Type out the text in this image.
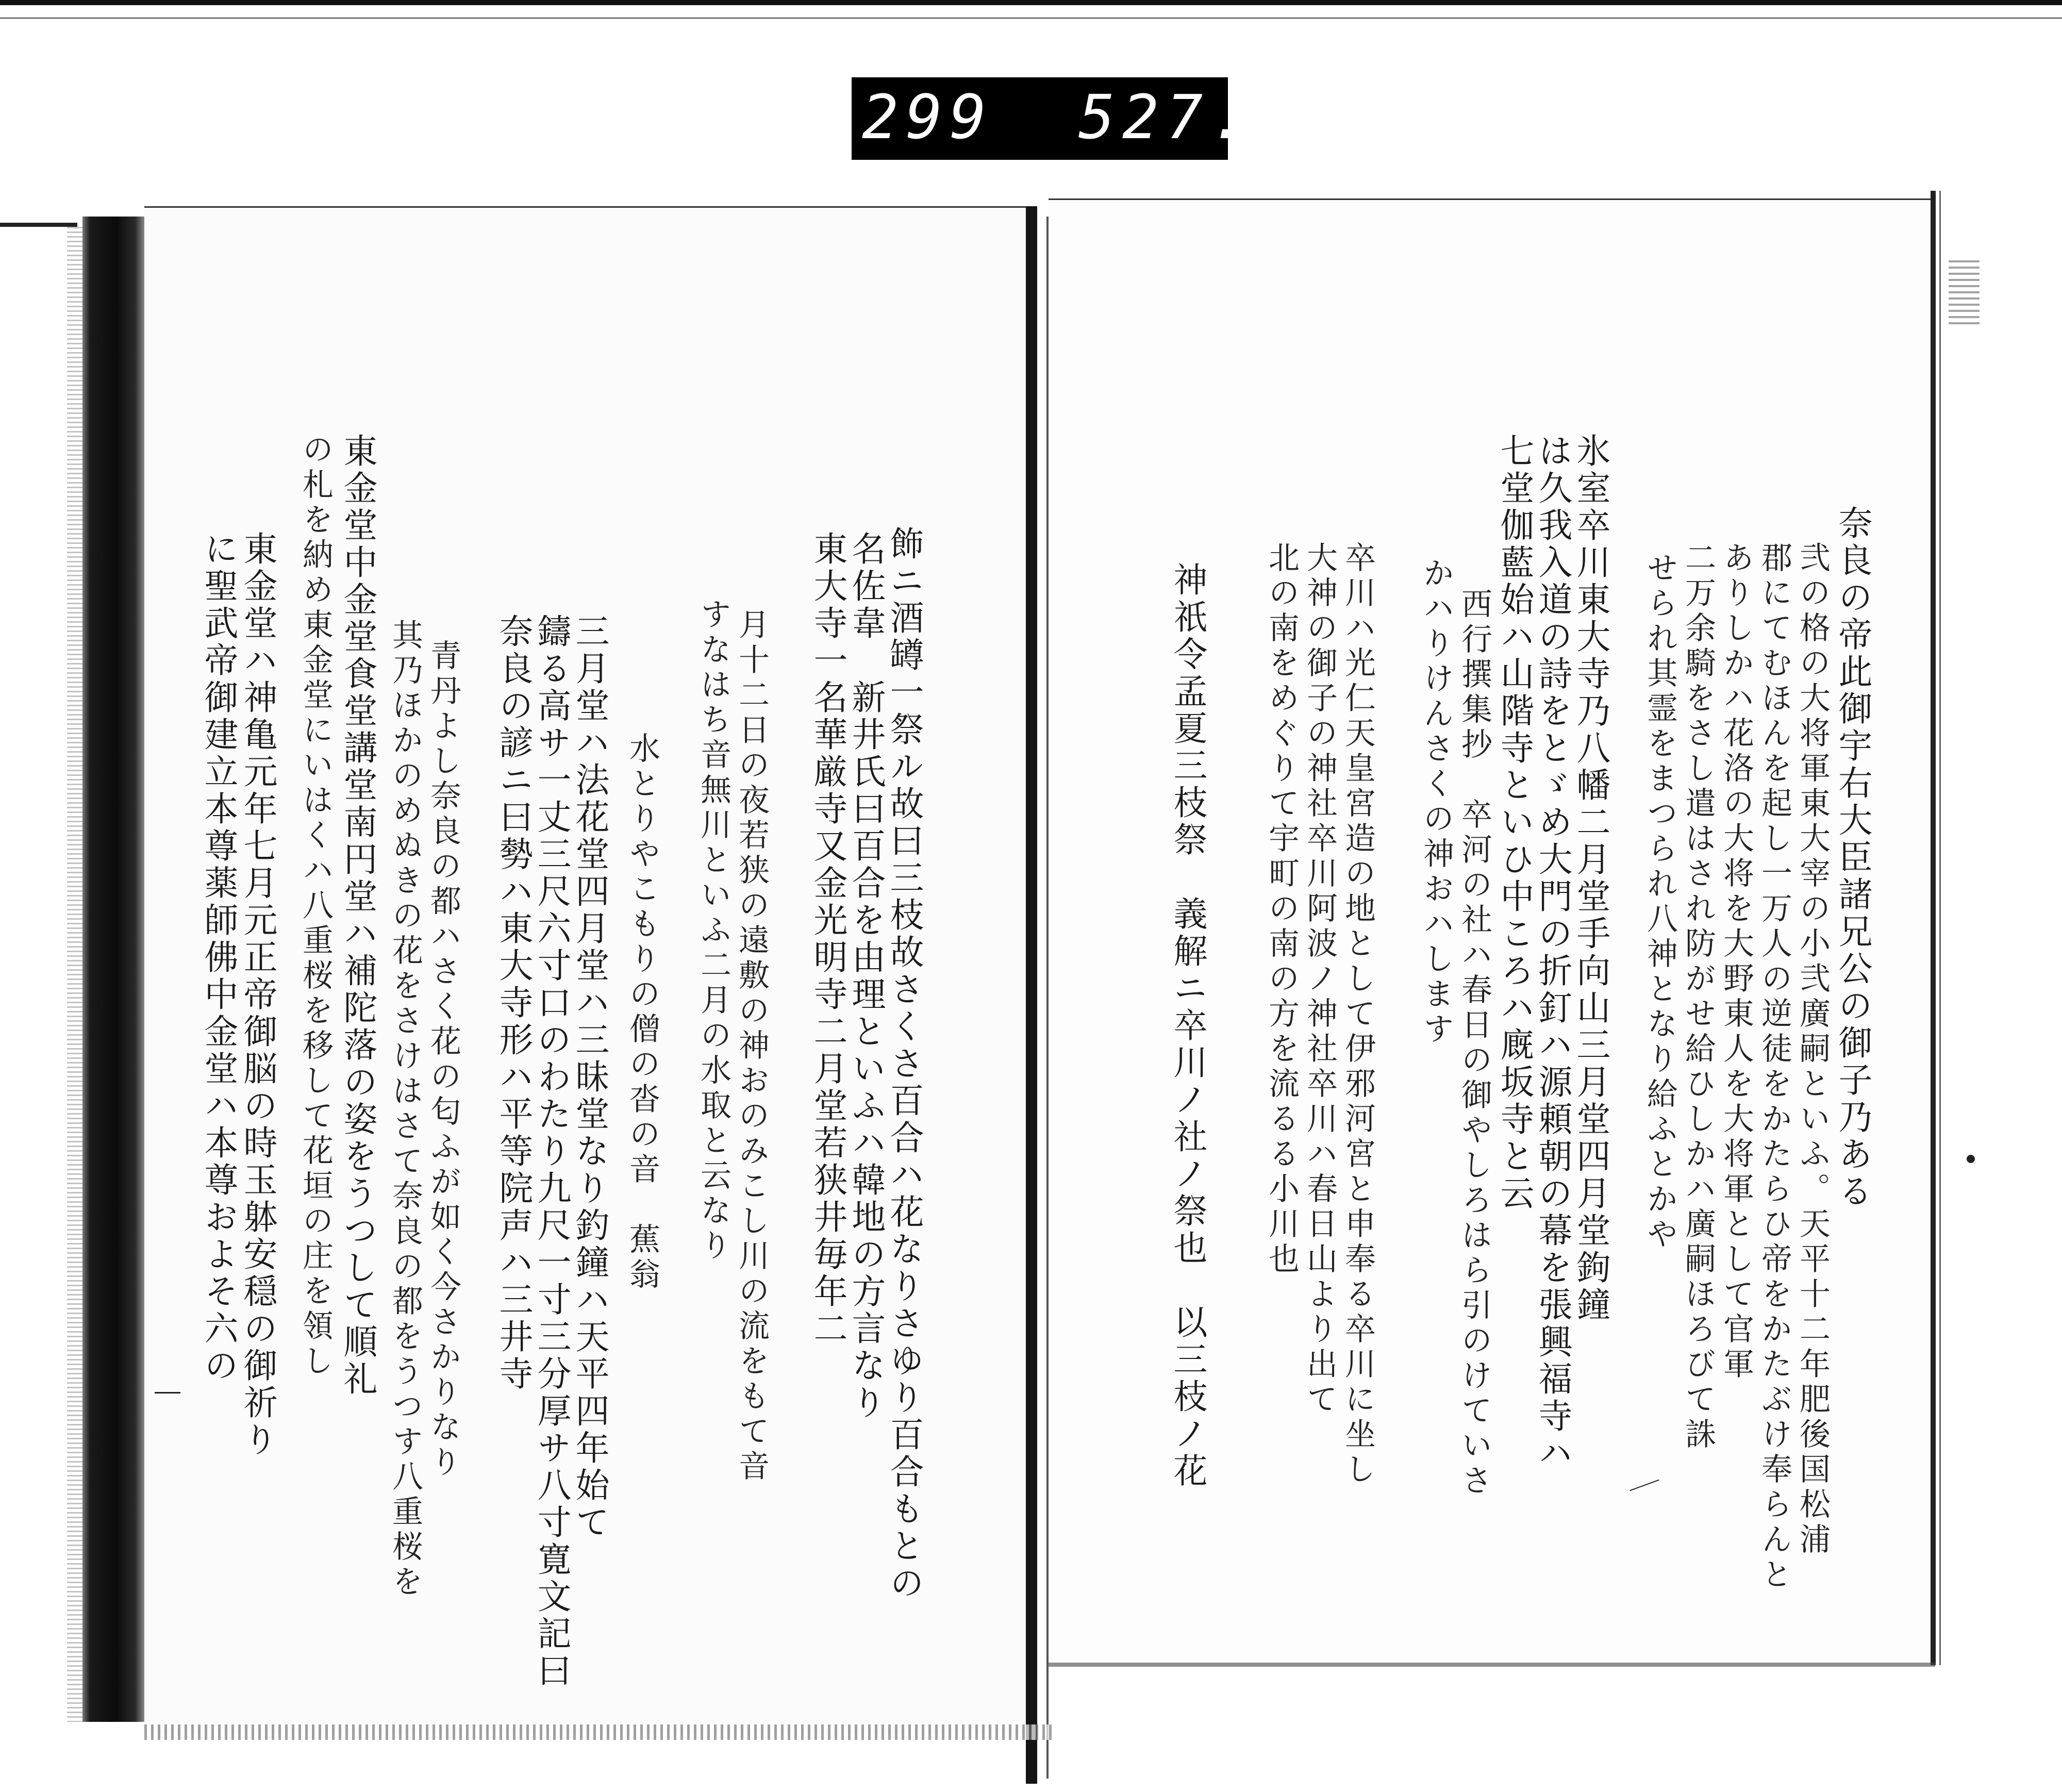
299 527.
奈良の帝此御宇右大臣諸兄公の御子乃ある
弐の格の大将軍東大宰の小弐廣嗣といふ。天平十二年肥後国松浦
郡にてむほんを起し一万人の逆徒をかたらひ帝をかたぶけ奉らんと
ありしかハ花洛の大将を大野東人を大将軍として官軍
二万余騎をさし遣はされ防がせ給ひしかハ廣嗣ほろびて誅
せられ其霊をまつられ八神となり給ふとかや
氷室卒川東大寺乃八幡二月堂手向山三月堂四月堂鉤鐘
は久我入道の詩をとゞめ大門の折釘ハ源頼朝の幕を張興福寺ハ
七堂伽藍始ハ山階寺といひ中ころハ廐坂寺と云
西行撰集抄　卒河の社ハ春日の御やしろはら引のけていさ
かハりけんさくの神おハします
卒川ハ光仁天皇宮造の地として伊邪河宮と申奉る卒川に坐し
大神の御子の神社卒川阿波ノ神社卒川ハ春日山より出て
北の南をめぐりて宇町の南の方を流るる小川也
神祇令孟夏三枝祭　義解ニ卒川ノ社ノ祭也　以三枝ノ花
飾ニ酒罇一祭ル故曰三枝故さくさ百合ハ花なりさゆり百合もとの
名佐韋　新井氏曰百合を由理といふハ韓地の方言なり
東大寺一名華厳寺又金光明寺二月堂若狭井毎年二
月十二日の夜若狭の遠敷の神おのみこし川の流をもて音
すなはち音無川といふ二月の水取と云なり
水とりやこもりの僧の沓の音　蕉翁
三月堂ハ法花堂四月堂ハ三昧堂なり釣鐘ハ天平四年始て
鑄る高サ一丈三尺六寸口のわたり九尺一寸三分厚サ八寸寛文記曰
奈良の諺ニ曰勢ハ東大寺形ハ平等院声ハ三井寺
青丹よし奈良の都ハさく花の匂ふが如く今さかりなり
其乃ほかのめぬきの花をさけはさて奈良の都をうつす八重桜を
の札を納め東金堂にいはくハ八重桜を移して花垣の庄を領し 東金堂中金堂食堂講堂南円堂ハ補陀落の姿をうつして順礼
東金堂ハ神亀元年七月元正帝御脳の時玉躰安穏の御祈り
に聖武帝御建立本尊薬師佛中金堂ハ本尊およそ六の
